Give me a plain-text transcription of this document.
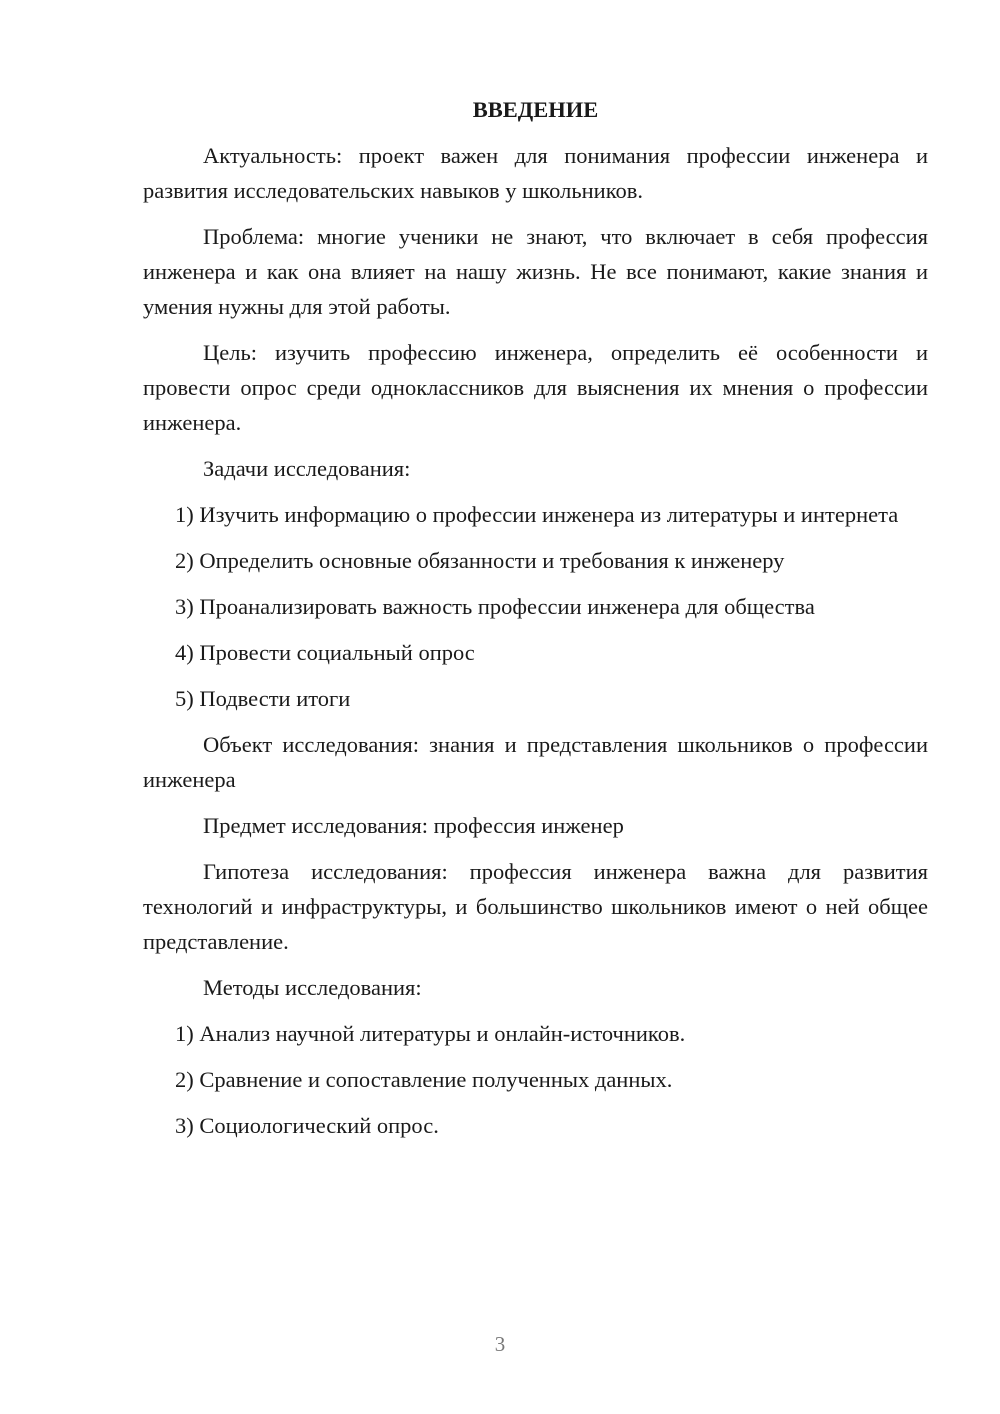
ВВЕДЕНИЕ

Актуальность: проект важен для понимания профессии инженера и развития исследовательских навыков у школьников.

Проблема: многие ученики не знают, что включает в себя профессия инженера и как она влияет на нашу жизнь. Не все понимают, какие знания и умения нужны для этой работы.

Цель: изучить профессию инженера, определить её особенности и провести опрос среди одноклассников для выяснения их мнения о профессии инженера.

Задачи исследования:

1) Изучить информацию о профессии инженера из литературы и интернета

2) Определить основные обязанности и требования к инженеру

3) Проанализировать важность профессии инженера для общества

4) Провести социальный опрос

5) Подвести итоги

Объект исследования: знания и представления школьников о профессии инженера

Предмет исследования: профессия инженер

Гипотеза исследования: профессия инженера важна для развития технологий и инфраструктуры, и большинство школьников имеют о ней общее представление.

Методы исследования:

1) Анализ научной литературы и онлайн-источников.

2) Сравнение и сопоставление полученных данных.

3) Социологический опрос.

3
